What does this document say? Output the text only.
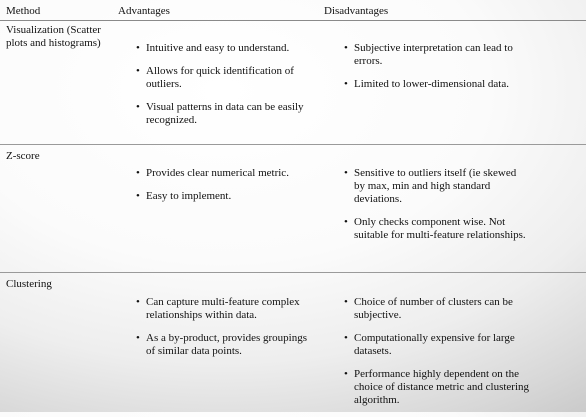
Method	Advantages	Disadvantages
Visualization (Scatter plots and histograms)
•	Intuitive and easy to understand.
• Allows for quick identification of outliers.
• Visual patterns in data can be easily recognized.
• Subjective interpretation can lead to errors.
• Limited to lower-dimensional data.
Z-score
• Provides clear numerical metric.
• Easy to implement.
• Sensitive to outliers itself (ie skewed by max, min and high standard deviations.
• Only checks component wise. Not suitable for multi-feature relationships.
Clustering
• Can capture multi-feature complex relationships within data.
• As a by-product, provides groupings of similar data points.
• Choice of number of clusters can be subjective.
• Computationally expensive for large datasets.
• Performance highly dependent on the choice of distance metric and clustering algorithm.
